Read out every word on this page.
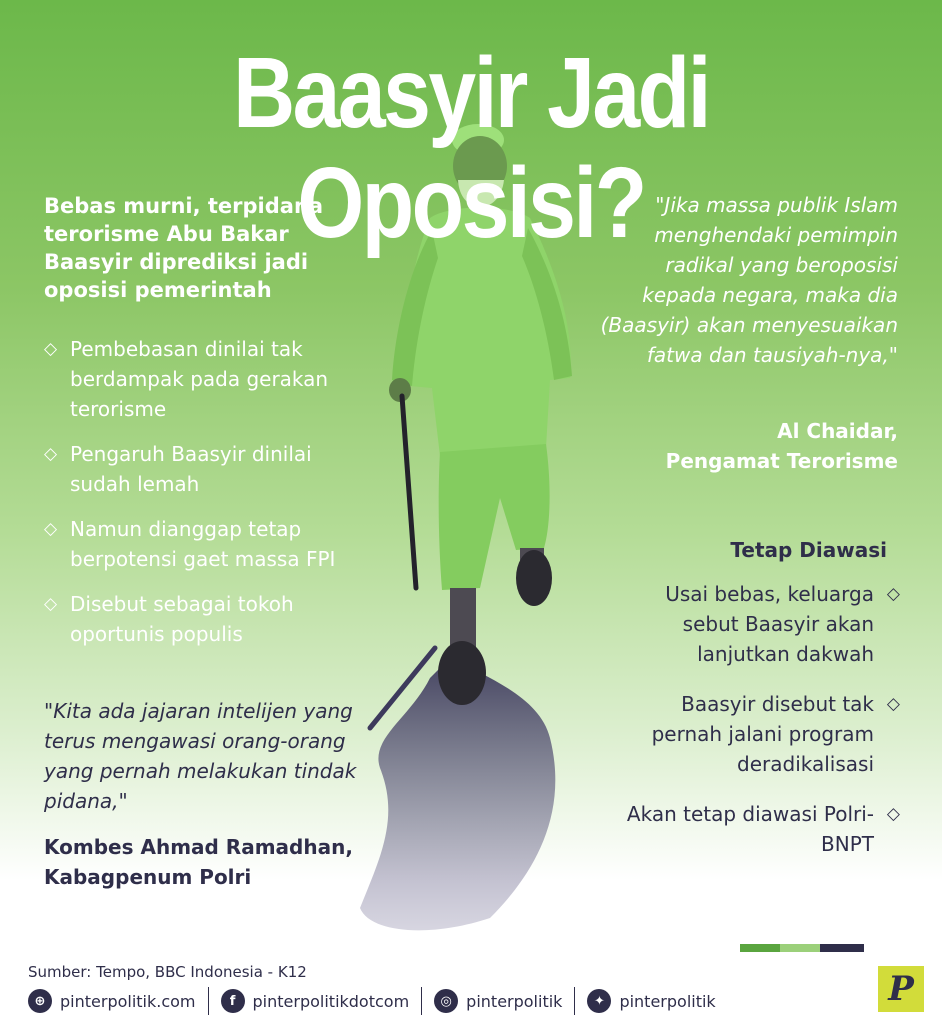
Baasyir Jadi Oposisi?
Bebas murni, terpidana terorisme Abu Bakar Baasyir diprediksi jadi oposisi pemerintah
◇ Pembebasan dinilai tak berdampak pada gerakan terorisme
◇ Pengaruh Baasyir dinilai sudah lemah
◇ Namun dianggap tetap berpotensi gaet massa FPI
◇ Disebut sebagai tokoh oportunis populis
"Kita ada jajaran intelijen yang terus mengawasi orang-orang yang pernah melakukan tindak pidana,"
Kombes Ahmad Ramadhan,
Kabagpenum Polri
"Jika massa publik Islam menghendaki pemimpin radikal yang beroposisi kepada negara, maka dia (Baasyir) akan menyesuaikan fatwa dan tausiyah-nya,"
Al Chaidar,
Pengamat Terorisme
Tetap Diawasi
Usai bebas, keluarga sebut Baasyir akan lanjutkan dakwah
◇
Baasyir disebut tak pernah jalani program deradikalisasi
◇
Akan tetap diawasi Polri-BNPT
◇
Sumber: Tempo, BBC Indonesia - K12
⊕ pinterpolitik.com	f	pinterpolitikdotcom	◎ pinterpolitik	✦ pinterpolitik	P
